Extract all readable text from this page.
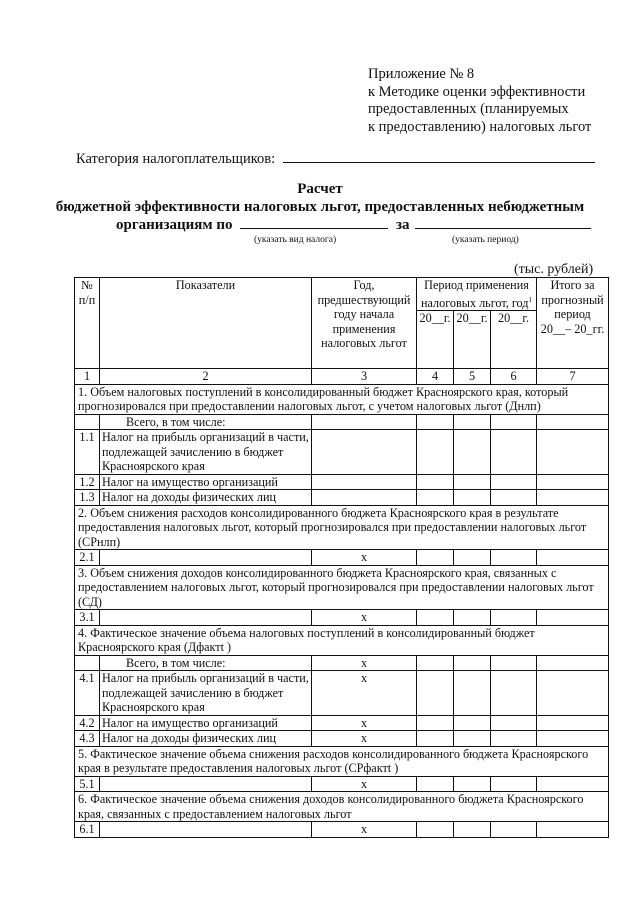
Приложение № 8
к Методике оценки эффективности
предоставленных (планируемых
к предоставлению) налоговых льгот
Категория налогоплательщиков:
Расчет
бюджетной эффективности налоговых льгот, предоставленных небюджетным
организациям по	за
(указать вид налога)	(указать период)
(тыс. рублей)
№ п/п	Показатели	Год, предшествующий году начала применения налоговых льгот	Период применения налоговых льгот, год$^1$			Итого за прогнозный период 20__– 20_гг.
			20__г.	20__г.	20__г.	
1	2	3	4	5	6	7
1. Объем налоговых поступлений в консолидированный бюджет Красноярского края, который прогнозировался при предоставлении налоговых льгот, с учетом налоговых льгот (Днлп)						
	Всего, в том числе:					
1.1	Налог на прибыль организаций в части, подлежащей зачислению в бюджет Красноярского края					
1.2	Налог на имущество организаций					
1.3	Налог на доходы физических лиц					
2. Объем снижения расходов консолидированного бюджета Красноярского края в результате предоставления налоговых льгот, который прогнозировался при предоставлении налоговых льгот (СРнлп)						
2.1		х				
3. Объем снижения доходов консолидированного бюджета Красноярского края, связанных с предоставлением налоговых льгот, который прогнозировался при предоставлении налоговых льгот (СД)						
3.1		х				
4. Фактическое значение объема налоговых поступлений в консолидированный бюджет Красноярского края (Дфактt )						
	Всего, в том числе:	х				
4.1	Налог на прибыль организаций в части, подлежащей зачислению в бюджет Красноярского края	х				
4.2	Налог на имущество организаций	х				
4.3	Налог на доходы физических лиц	х				
5. Фактическое значение объема снижения расходов консолидированного бюджета Красноярского края в результате предоставления налоговых льгот (СРфактt )						
5.1		х				
6. Фактическое значение объема снижения доходов консолидированного бюджета Красноярского края, связанных с предоставлением налоговых льгот						
6.1		х				
